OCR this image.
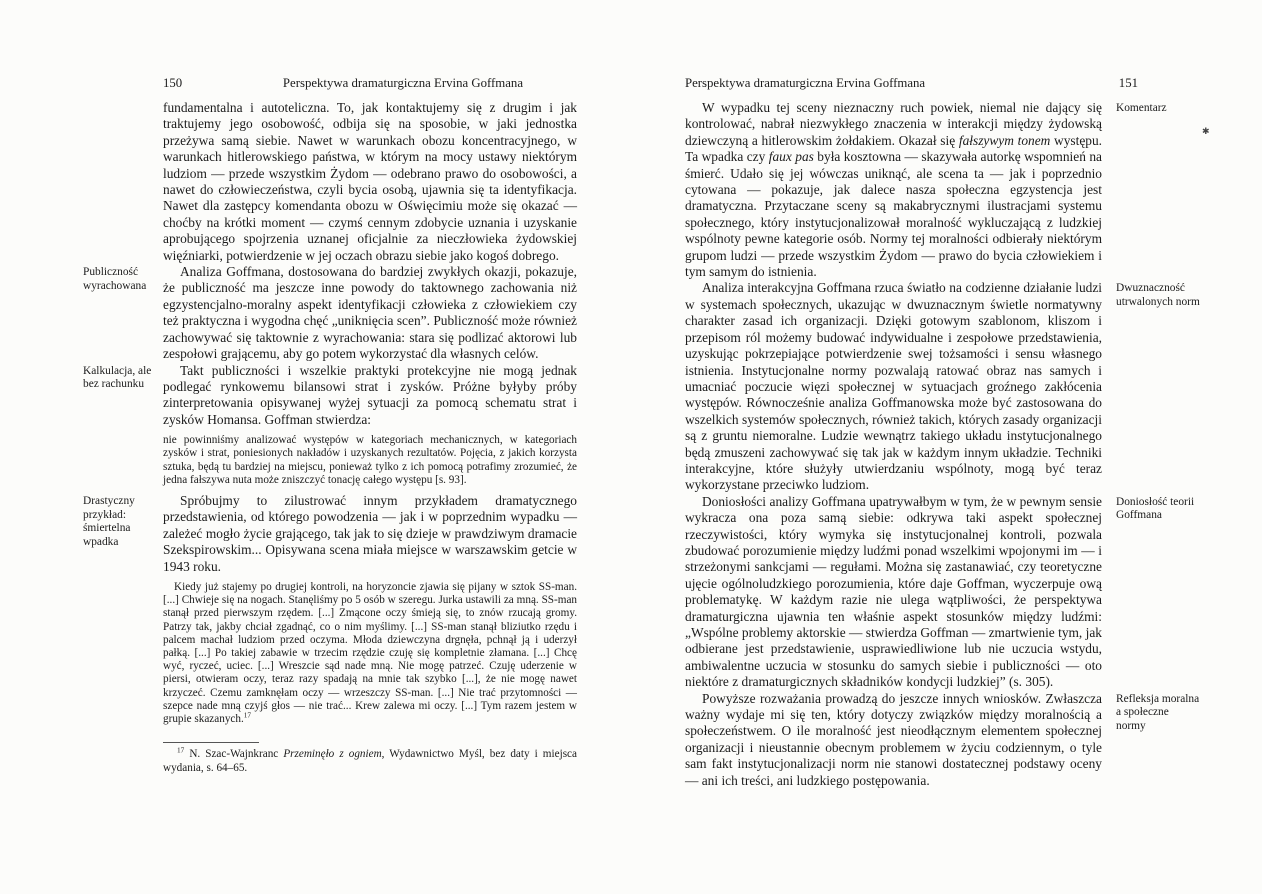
150	Perspektywa dramaturgiczna Ervina Goffmana

fundamentalna i autoteliczna. To, jak kontaktujemy się z drugim i jak traktujemy jego osobowość, odbija się na sposobie, w jaki jednostka przeżywa samą siebie. Nawet w warunkach obozu koncentracyjnego, w warunkach hitlerowskiego państwa, w którym na mocy ustawy niektórym ludziom — przede wszystkim Żydom — odebrano prawo do osobowości, a nawet do człowieczeństwa, czyli bycia osobą, ujawnia się ta identyfikacja. Nawet dla zastępcy komendanta obozu w Oświęcimiu może się okazać — choćby na krótki moment — czymś cennym zdobycie uznania i uzyskanie aprobującego spojrzenia uznanej oficjalnie za nieczłowieka żydowskiej więźniarki, potwierdzenie w jej oczach obrazu siebie jako kogoś dobrego.

Publiczność wyrachowana

Analiza Goffmana, dostosowana do bardziej zwykłych okazji, pokazuje, że publiczność ma jeszcze inne powody do taktownego zachowania niż egzystencjalno-moralny aspekt identyfikacji człowieka z człowiekiem czy też praktyczna i wygodna chęć „uniknięcia scen”. Publiczność może również zachowywać się taktownie z wyrachowania: stara się podlizać aktorowi lub zespołowi grającemu, aby go potem wykorzystać dla własnych celów.

Kalkulacja, ale bez rachunku

Takt publiczności i wszelkie praktyki protekcyjne nie mogą jednak podlegać rynkowemu bilansowi strat i zysków. Próżne byłyby próby zinterpretowania opisywanej wyżej sytuacji za pomocą schematu strat i zysków Homansa. Goffman stwierdza:

nie powinniśmy analizować występów w kategoriach mechanicznych, w kategoriach zysków i strat, poniesionych nakładów i uzyskanych rezultatów. Pojęcia, z jakich korzysta sztuka, będą tu bardziej na miejscu, ponieważ tylko z ich pomocą potrafimy zrozumieć, że jedna fałszywa nuta może zniszczyć tonację całego występu [s. 93].

Drastyczny przykład: śmiertelna wpadka

Spróbujmy to zilustrować innym przykładem dramatycznego przedstawienia, od którego powodzenia — jak i w poprzednim wypadku — zależeć mogło życie grającego, tak jak to się dzieje w prawdziwym dramacie Szekspirowskim... Opisywana scena miała miejsce w warszawskim getcie w 1943 roku.

Kiedy już stajemy po drugiej kontroli, na horyzoncie zjawia się pijany w sztok SS-man. [...] Chwieje się na nogach. Stanęliśmy po 5 osób w szeregu. Jurka ustawili za mną. SS-man stanął przed pierwszym rzędem. [...] Zmącone oczy śmieją się, to znów rzucają gromy. Patrzy tak, jakby chciał zgadnąć, co o nim myślimy. [...] SS-man stanął bliziutko rzędu i palcem machał ludziom przed oczyma. Młoda dziewczyna drgnęła, pchnął ją i uderzył pałką. [...] Po takiej zabawie w trzecim rzędzie czuję się kompletnie złamana. [...] Chcę wyć, ryczeć, uciec. [...] Wreszcie sąd nade mną. Nie mogę patrzeć. Czuję uderzenie w piersi, otwieram oczy, teraz razy spadają na mnie tak szybko [...], że nie mogę nawet krzyczeć. Czemu zamknęłam oczy — wrzeszczy SS-man. [...] Nie trać przytomności — szepce nade mną czyjś głos — nie trać... Krew zalewa mi oczy. [...] Tym razem jestem w grupie skazanych.$^{17}$

$^{17}$ N. Szac-Wajnkranc Przeminęło z ogniem, Wydawnictwo Myśl, bez daty i miejsca wydania, s. 64–65.

Perspektywa dramaturgiczna Ervina Goffmana	151
Komentarz
✱

W wypadku tej sceny nieznaczny ruch powiek, niemal nie dający się kontrolować, nabrał niezwykłego znaczenia w interakcji między żydowską dziewczyną a hitlerowskim żołdakiem. Okazał się fałszywym tonem występu. Ta wpadka czy faux pas była kosztowna — skazywała autorkę wspomnień na śmierć. Udało się jej wówczas uniknąć, ale scena ta — jak i poprzednio cytowana — pokazuje, jak dalece nasza społeczna egzystencja jest dramatyczna. Przytaczane sceny są makabrycznymi ilustracjami systemu społecznego, który instytucjonalizował moralność wykluczającą z ludzkiej wspólnoty pewne kategorie osób. Normy tej moralności odbierały niektórym grupom ludzi — przede wszystkim Żydom — prawo do bycia człowiekiem i tym samym do istnienia.

Dwuznaczność utrwalonych norm

Analiza interakcyjna Goffmana rzuca światło na codzienne działanie ludzi w systemach społecznych, ukazując w dwuznacznym świetle normatywny charakter zasad ich organizacji. Dzięki gotowym szablonom, kliszom i przepisom ról możemy budować indywidualne i zespołowe przedstawienia, uzyskując pokrzepiające potwierdzenie swej tożsamości i sensu własnego istnienia. Instytucjonalne normy pozwalają ratować obraz nas samych i umacniać poczucie więzi społecznej w sytuacjach groźnego zakłócenia występów. Równocześnie analiza Goffmanowska może być zastosowana do wszelkich systemów społecznych, również takich, których zasady organizacji są z gruntu niemoralne. Ludzie wewnątrz takiego układu instytucjonalnego będą zmuszeni zachowywać się tak jak w każdym innym układzie. Techniki interakcyjne, które służyły utwierdzaniu wspólnoty, mogą być teraz wykorzystane przeciwko ludziom.

Doniosłość teorii Goffmana

Doniosłości analizy Goffmana upatrywałbym w tym, że w pewnym sensie wykracza ona poza samą siebie: odkrywa taki aspekt społecznej rzeczywistości, który wymyka się instytucjonalnej kontroli, pozwala zbudować porozumienie między ludźmi ponad wszelkimi wpojonymi im — i strzeżonymi sankcjami — regułami. Można się zastanawiać, czy teoretyczne ujęcie ogólnoludzkiego porozumienia, które daje Goffman, wyczerpuje ową problematykę. W każdym razie nie ulega wątpliwości, że perspektywa dramaturgiczna ujawnia ten właśnie aspekt stosunków między ludźmi: „Wspólne problemy aktorskie — stwierdza Goffman — zmartwienie tym, jak odbierane jest przedstawienie, usprawiedliwione lub nie uczucia wstydu, ambiwalentne uczucia w stosunku do samych siebie i publiczności — oto niektóre z dramaturgicznych składników kondycji ludzkiej” (s. 305).

Refleksja moralna a społeczne normy

Powyższe rozważania prowadzą do jeszcze innych wniosków. Zwłaszcza ważny wydaje mi się ten, który dotyczy związków między moralnością a społeczeństwem. O ile moralność jest nieodłącznym elementem społecznej organizacji i nieustannie obecnym problemem w życiu codziennym, o tyle sam fakt instytucjonalizacji norm nie stanowi dostatecznej podstawy oceny — ani ich treści, ani ludzkiego postępowania.
